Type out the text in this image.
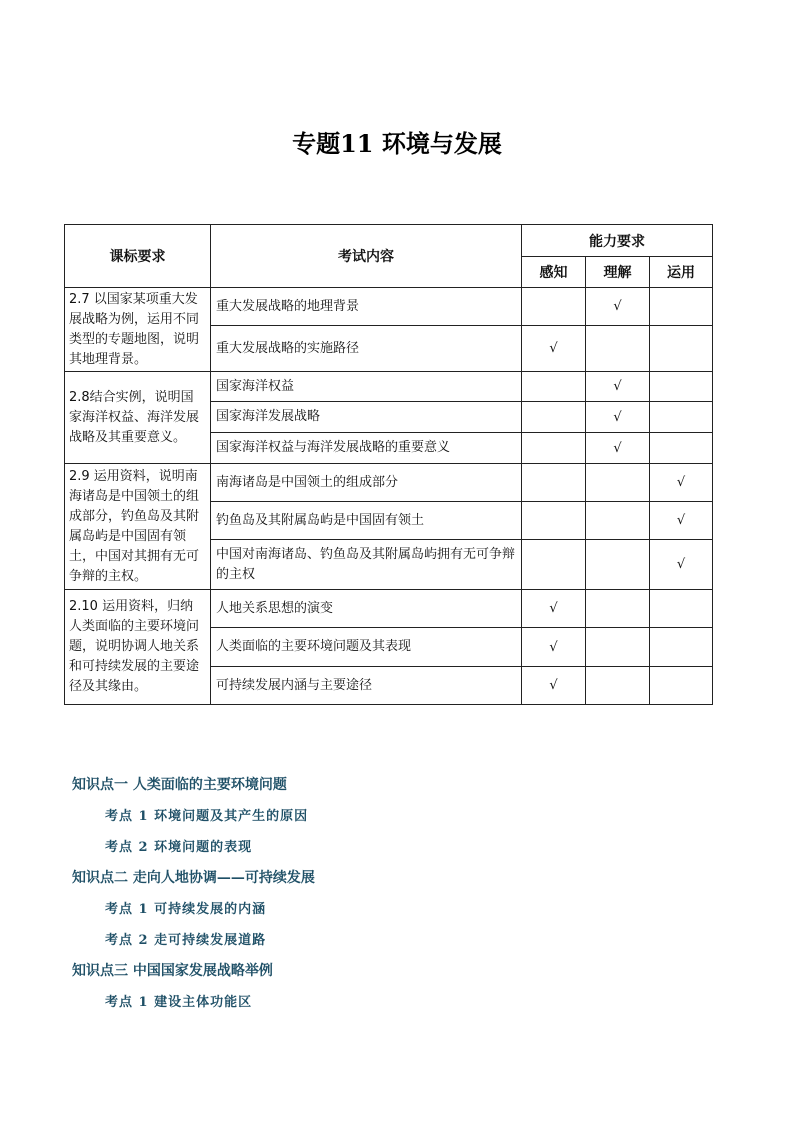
专题11 环境与发展
课标要求	考试内容	能力要求		
		感知	理解	运用
2.7 以国家某项重大发展战略为例，运用不同类型的专题地图，说明其地理背景。	重大发展战略的地理背景		√	
	重大发展战略的实施路径	√		
2.8结合实例，说明国家海洋权益、海洋发展战略及其重要意义。	国家海洋权益		√	
	国家海洋发展战略		√	
	国家海洋权益与海洋发展战略的重要意义		√	
2.9 运用资料，说明南海诸岛是中国领土的组成部分，钓鱼岛及其附属岛屿是中国固有领土，中国对其拥有无可争辩的主权。	南海诸岛是中国领土的组成部分			√
	钓鱼岛及其附属岛屿是中国固有领土			√
	中国对南海诸岛、钓鱼岛及其附属岛屿拥有无可争辩的主权			√
2.10 运用资料，归纳人类面临的主要环境问题，说明协调人地关系和可持续发展的主要途径及其缘由。	人地关系思想的演变	√		
	人类面临的主要环境问题及其表现	√		
	可持续发展内涵与主要途径	√		
知识点一 人类面临的主要环境问题
考点 1 环境问题及其产生的原因
考点 2 环境问题的表现
知识点二 走向人地协调——可持续发展
考点 1 可持续发展的内涵
考点 2 走可持续发展道路
知识点三 中国国家发展战略举例
考点 1 建设主体功能区
